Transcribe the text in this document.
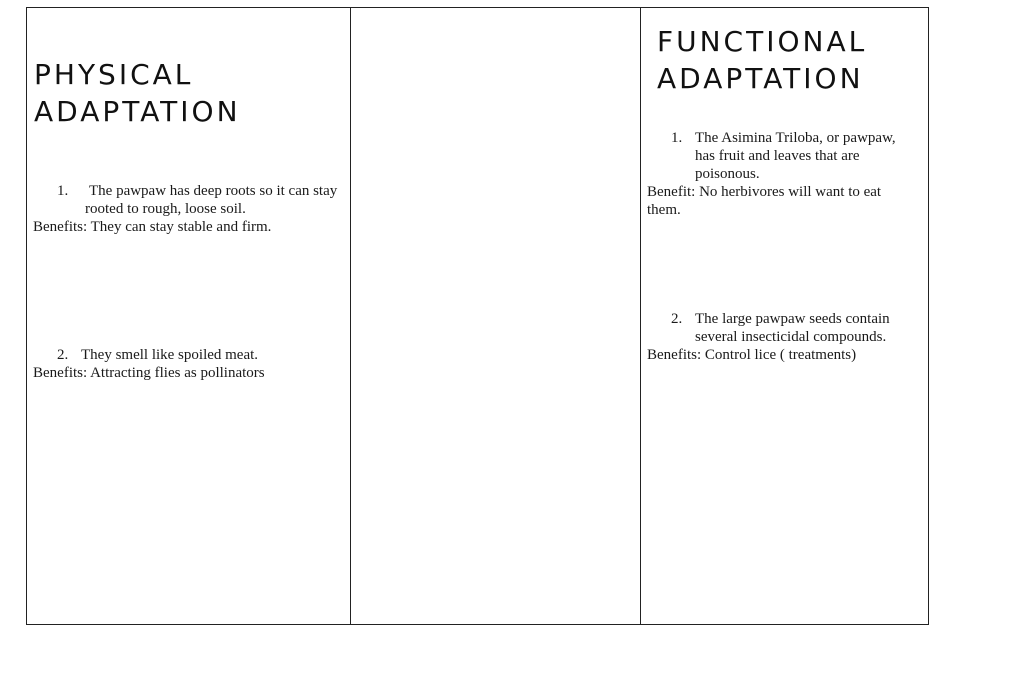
physical
adaptation
1.	The pawpaw has deep roots so it can stay rooted to rough, loose soil.

Benefits: They can stay stable and firm.

2. They smell like spoiled meat.

Benefits: Attracting flies as pollinators

functional
adaptation
1. The Asimina Triloba, or pawpaw, has fruit and leaves that are poisonous.

Benefit: No herbivores will want to eat them.

2. The large pawpaw seeds contain several insecticidal compounds.

Benefits: Control lice ( treatments)
